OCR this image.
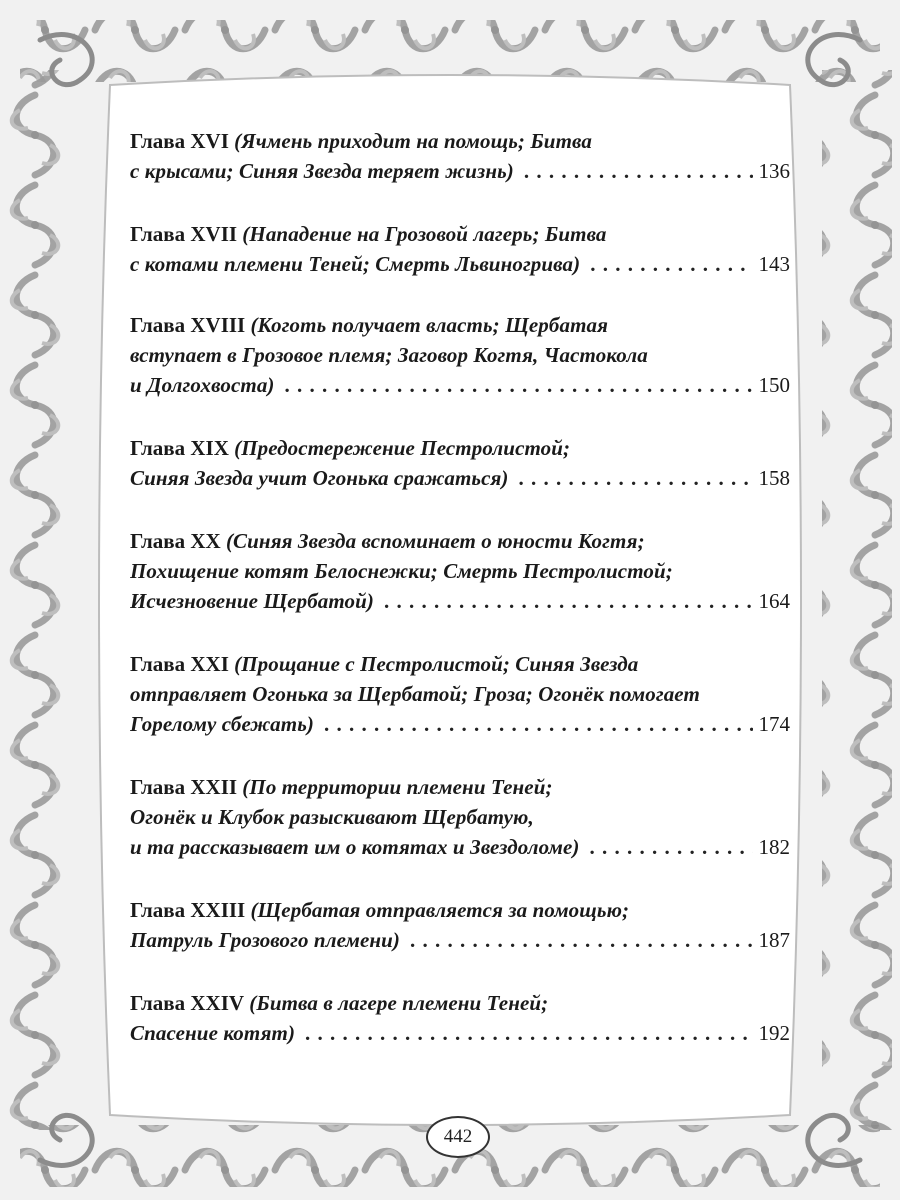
Глава XVI
(Ячмень приходит на помощь; Битва
с крысами; Синяя Звезда теряет жизнь) . . .	136
Глава XVII
(Нападение на Грозовой лагерь; Битва
с котами племени Теней; Смерть Львиногрива) . . .	143
Глава XVIII
(Коготь получает власть; Щербатая
вступает в Грозовое племя; Заговор Когтя, Частокола
и Долгохвоста) . . .	150
Глава XIX
(Предостережение Пестролистой;
Синяя Звезда учит Огонька сражаться) . . .	158
Глава XX
(Синяя Звезда вспоминает о юности Когтя;
Похищение котят Белоснежки; Смерть Пестролистой;
Исчезновение Щербатой) . . .	164
Глава XXI
(Прощание с Пестролистой; Синяя Звезда
отправляет Огонька за Щербатой; Гроза; Огонёк помогает
Горелому сбежать) . . .	174
Глава XXII
(По территории племени Теней;
Огонёк и Клубок разыскивают Щербатую,
и та рассказывает им о котятах и Звездоломе) . . .	182
Глава XXIII
(Щербатая отправляется за помощью;
Патруль Грозового племени) . . .	187
Глава XXIV
(Битва в лагере племени Теней;
Спасение котят) . . .	192
442
